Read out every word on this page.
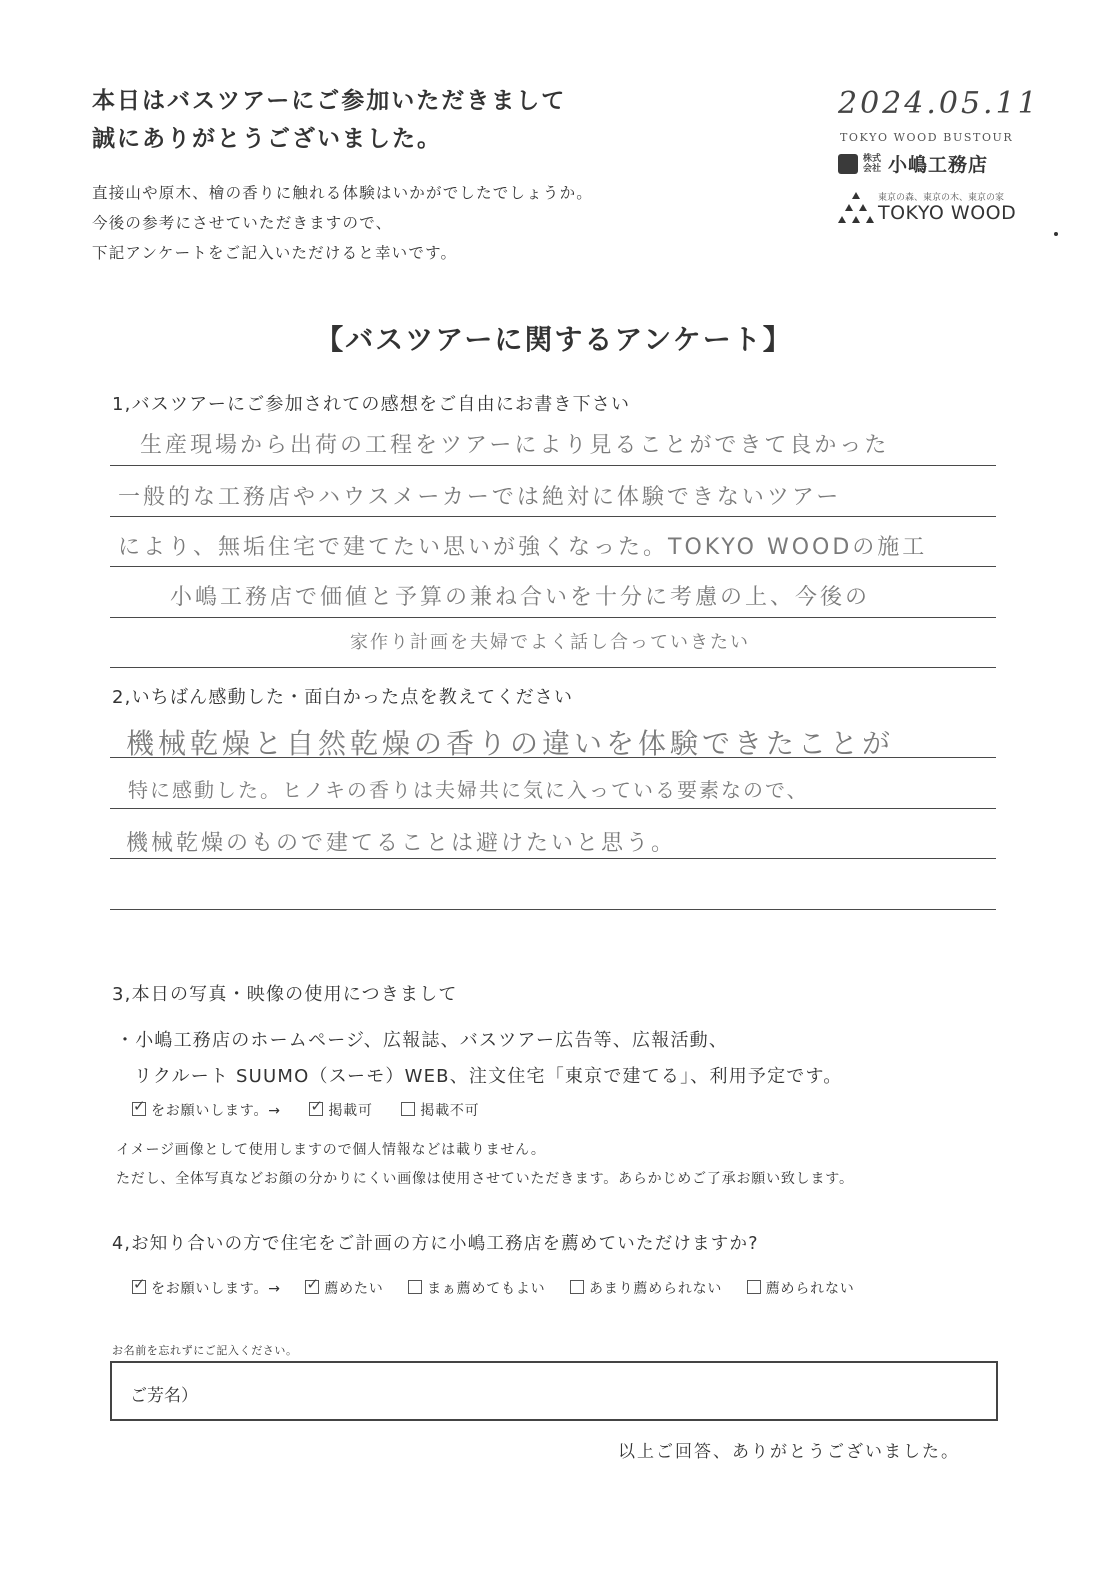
本日はバスツアーにご参加いただきまして
誠にありがとうございました。
直接山や原木、檜の香りに触れる体験はいかがでしたでしょうか。
今後の参考にさせていただきますので、
下記アンケートをご記入いただけると幸いです。
2024.05.11
TOKYO WOOD BUSTOUR
株式会社 小嶋工務店
東京の森、東京の木、東京の家
TOKYO WOOD
【バスツアーに関するアンケート】
1,バスツアーにご参加されての感想をご自由にお書き下さい
生産現場から出荷の工程をツアーにより見ることができて良かった
一般的な工務店やハウスメーカーでは絶対に体験できないツアー
により、無垢住宅で建てたい思いが強くなった。TOKYO WOODの施工
小嶋工務店で価値と予算の兼ね合いを十分に考慮の上、今後の
家作り計画を夫婦でよく話し合っていきたい
2,いちばん感動した・面白かった点を教えてください
機械乾燥と自然乾燥の香りの違いを体験できたことが
特に感動した。ヒノキの香りは夫婦共に気に入っている要素なので、
機械乾燥のもので建てることは避けたいと思う。
3,本日の写真・映像の使用につきまして
・小嶋工務店のホームページ、広報誌、バスツアー広告等、広報活動、
リクルート SUUMO（スーモ）WEB、注文住宅「東京で建てる」、利用予定です。
✓をお願いします。→ ✓	掲載可	掲載不可
イメージ画像として使用しますので個人情報などは載りません。
ただし、全体写真などお顔の分かりにくい画像は使用させていただきます。あらかじめご了承お願い致します。
4,お知り合いの方で住宅をご計画の方に小嶋工務店を薦めていただけますか?
✓をお願いします。→ ✓	薦めたい	まぁ薦めてもよい	あまり薦められない	薦められない
お名前を忘れずにご記入ください。
ご芳名）
以上ご回答、ありがとうございました。
